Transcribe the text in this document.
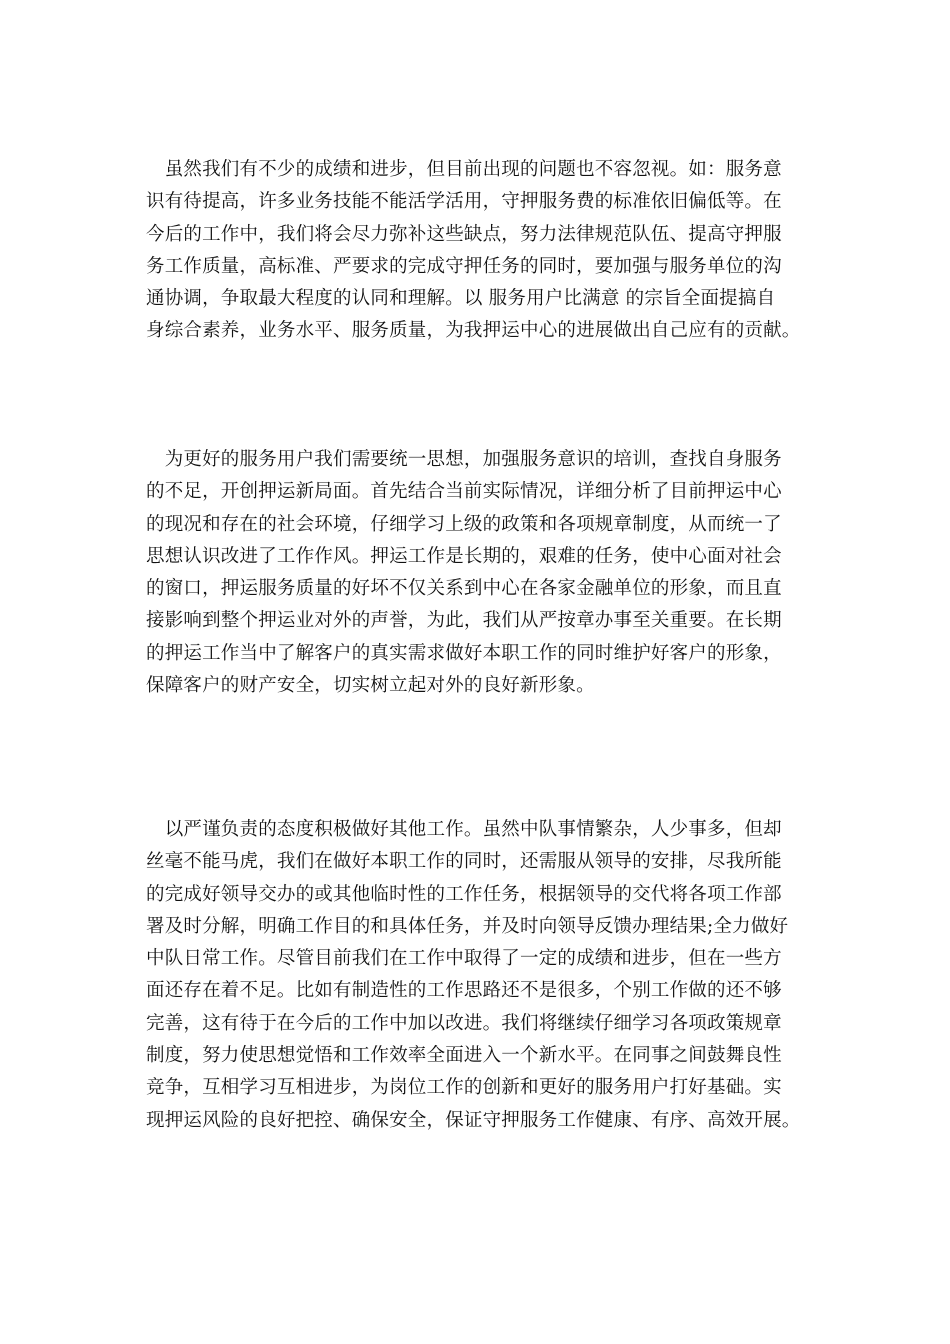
　虽然我们有不少的成绩和进步，但目前出现的问题也不容忽视。如：服务意
识有待提高，许多业务技能不能活学活用，守押服务费的标准依旧偏低等。在
今后的工作中，我们将会尽力弥补这些缺点，努力法律规范队伍、提高守押服
务工作质量，高标准、严要求的完成守押任务的同时，要加强与服务单位的沟
通协调，争取最大程度的认同和理解。以 服务用户比满意 的宗旨全面提搞自
身综合素养，业务水平、服务质量，为我押运中心的进展做出自己应有的贡献。
　为更好的服务用户我们需要统一思想，加强服务意识的培训，查找自身服务
的不足，开创押运新局面。首先结合当前实际情况，详细分析了目前押运中心
的现况和存在的社会环境，仔细学习上级的政策和各项规章制度，从而统一了
思想认识改进了工作作风。押运工作是长期的，艰难的任务，使中心面对社会
的窗口，押运服务质量的好坏不仅关系到中心在各家金融单位的形象，而且直
接影响到整个押运业对外的声誉，为此，我们从严按章办事至关重要。在长期
的押运工作当中了解客户的真实需求做好本职工作的同时维护好客户的形象，
保障客户的财产安全，切实树立起对外的良好新形象。
　以严谨负责的态度积极做好其他工作。虽然中队事情繁杂，人少事多，但却
丝毫不能马虎，我们在做好本职工作的同时，还需服从领导的安排，尽我所能
的完成好领导交办的或其他临时性的工作任务，根据领导的交代将各项工作部
署及时分解，明确工作目的和具体任务，并及时向领导反馈办理结果;全力做好
中队日常工作。尽管目前我们在工作中取得了一定的成绩和进步，但在一些方
面还存在着不足。比如有制造性的工作思路还不是很多，个别工作做的还不够
完善，这有待于在今后的工作中加以改进。我们将继续仔细学习各项政策规章
制度，努力使思想觉悟和工作效率全面进入一个新水平。在同事之间鼓舞良性
竞争，互相学习互相进步，为岗位工作的创新和更好的服务用户打好基础。实
现押运风险的良好把控、确保安全，保证守押服务工作健康、有序、高效开展。
